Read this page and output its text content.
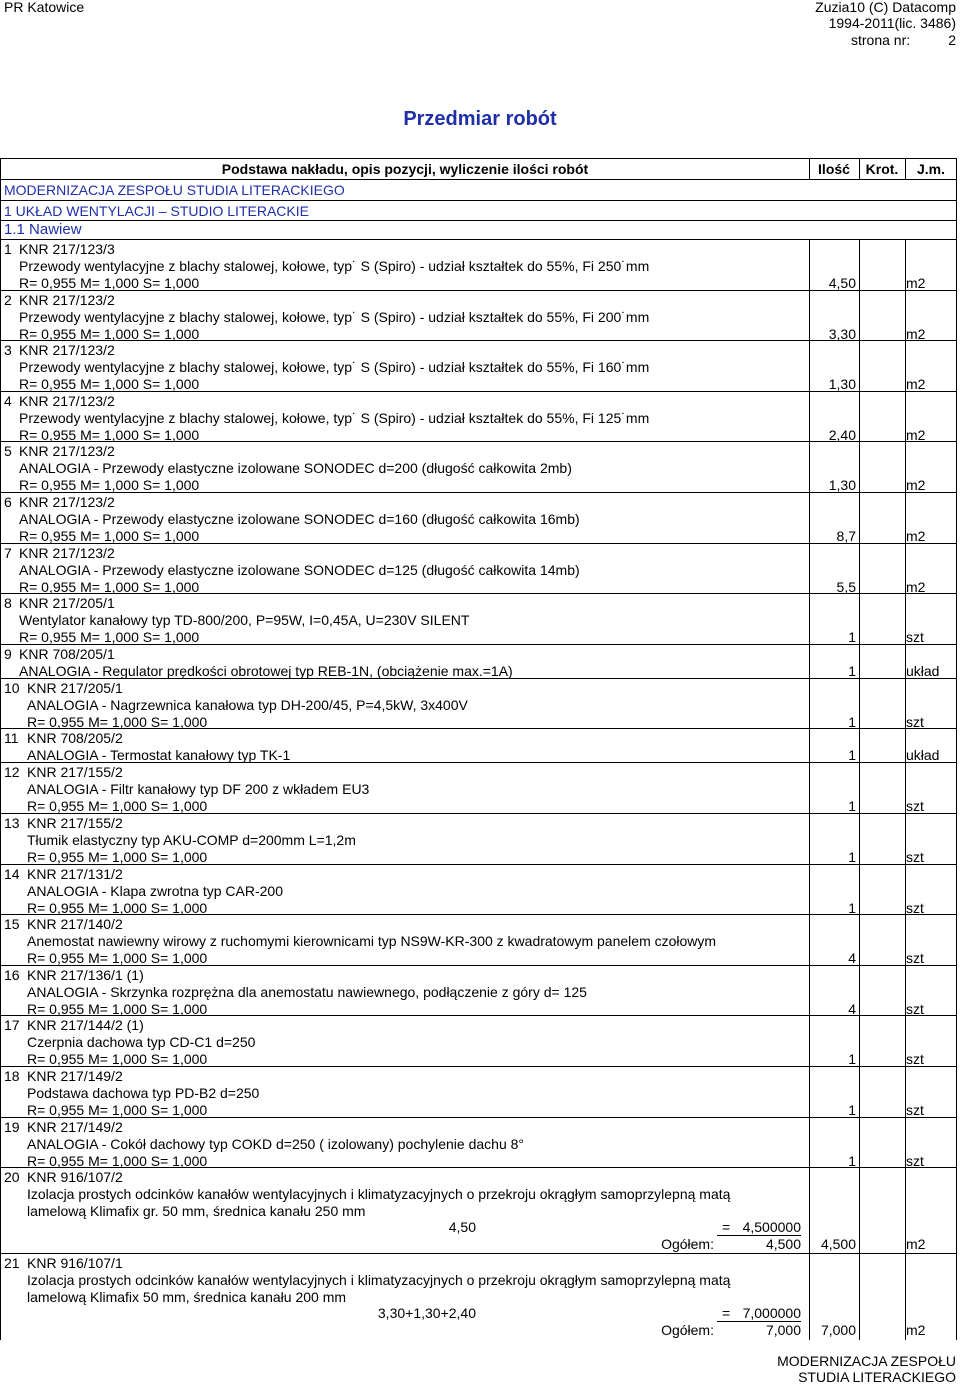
PR Katowice	Zuzia10 (C) Datacomp
1994-2011(lic. 3486)
strona nr:	2
Przedmiar robót
Podstawa nakładu, opis pozycji, wyliczenie ilości robót	Ilość	Krot.	J.m.
MODERNIZACJA ZESPOŁU STUDIA LITERACKIEGO
1 UKŁAD WENTYLACJI – STUDIO LITERACKIE
1.1 Nawiew
1 KNR 217/123/3
Przewody wentylacyjne z blachy stalowej, kołowe, typ˙ S (Spiro) - udział kształtek do 55%, Fi 250˙mm
R= 0,955 M= 1,000 S= 1,000	4,50	m2
2 KNR 217/123/2
Przewody wentylacyjne z blachy stalowej, kołowe, typ˙ S (Spiro) - udział kształtek do 55%, Fi 200˙mm
R= 0,955 M= 1,000 S= 1,000	3,30	m2
3 KNR 217/123/2
Przewody wentylacyjne z blachy stalowej, kołowe, typ˙ S (Spiro) - udział kształtek do 55%, Fi 160˙mm
R= 0,955 M= 1,000 S= 1,000	1,30	m2
4 KNR 217/123/2
Przewody wentylacyjne z blachy stalowej, kołowe, typ˙ S (Spiro) - udział kształtek do 55%, Fi 125˙mm
R= 0,955 M= 1,000 S= 1,000	2,40	m2
5 KNR 217/123/2
ANALOGIA - Przewody elastyczne izolowane SONODEC d=200 (długość całkowita 2mb)
R= 0,955 M= 1,000 S= 1,000	1,30	m2
6 KNR 217/123/2
ANALOGIA - Przewody elastyczne izolowane SONODEC d=160 (długość całkowita 16mb)
R= 0,955 M= 1,000 S= 1,000	8,7	m2
7 KNR 217/123/2
ANALOGIA - Przewody elastyczne izolowane SONODEC d=125 (długość całkowita 14mb)
R= 0,955 M= 1,000 S= 1,000	5,5	m2
8 KNR 217/205/1
Wentylator kanałowy typ TD-800/200, P=95W, I=0,45A, U=230V SILENT
R= 0,955 M= 1,000 S= 1,000	1	szt
9 KNR 708/205/1
ANALOGIA - Regulator prędkości obrotowej typ REB-1N, (obciążenie max.=1A)	1	układ
10 KNR 217/205/1
ANALOGIA - Nagrzewnica kanałowa typ DH-200/45, P=4,5kW, 3x400V
R= 0,955 M= 1,000 S= 1,000	1	szt
11 KNR 708/205/2
ANALOGIA - Termostat kanałowy typ TK-1	1	układ
12 KNR 217/155/2
ANALOGIA - Filtr kanałowy typ DF 200 z wkładem EU3
R= 0,955 M= 1,000 S= 1,000	1	szt
13 KNR 217/155/2
Tłumik elastyczny typ AKU-COMP d=200mm L=1,2m
R= 0,955 M= 1,000 S= 1,000	1	szt
14 KNR 217/131/2
ANALOGIA - Klapa zwrotna typ CAR-200
R= 0,955 M= 1,000 S= 1,000	1	szt
15 KNR 217/140/2
Anemostat nawiewny wirowy z ruchomymi kierownicami typ NS9W-KR-300 z kwadratowym panelem czołowym
R= 0,955 M= 1,000 S= 1,000	4	szt
16 KNR 217/136/1 (1)
ANALOGIA - Skrzynka rozprężna dla anemostatu nawiewnego, podłączenie z góry d= 125
R= 0,955 M= 1,000 S= 1,000	4	szt
17 KNR 217/144/2 (1)
Czerpnia dachowa typ CD-C1 d=250
R= 0,955 M= 1,000 S= 1,000	1	szt
18 KNR 217/149/2
Podstawa dachowa typ PD-B2 d=250
R= 0,955 M= 1,000 S= 1,000	1	szt
19 KNR 217/149/2
ANALOGIA - Cokół dachowy typ COKD d=250 ( izolowany) pochylenie dachu 8°
R= 0,955 M= 1,000 S= 1,000	1	szt
20 KNR 916/107/2
Izolacja prostych odcinków kanałów wentylacyjnych i klimatyzacyjnych o przekroju okrągłym samoprzylepną matą
lamelową Klimafix gr. 50 mm, średnica kanału 250 mm
4,50	= 4,500000
Ogółem:	4,500 4,500	m2
21 KNR 916/107/1
Izolacja prostych odcinków kanałów wentylacyjnych i klimatyzacyjnych o przekroju okrągłym samoprzylepną matą
lamelową Klimafix 50 mm, średnica kanału 200 mm
3,30+1,30+2,40	= 7,000000
Ogółem:	7,000 7,000	m2
MODERNIZACJA ZESPOŁU
STUDIA LITERACKIEGO
